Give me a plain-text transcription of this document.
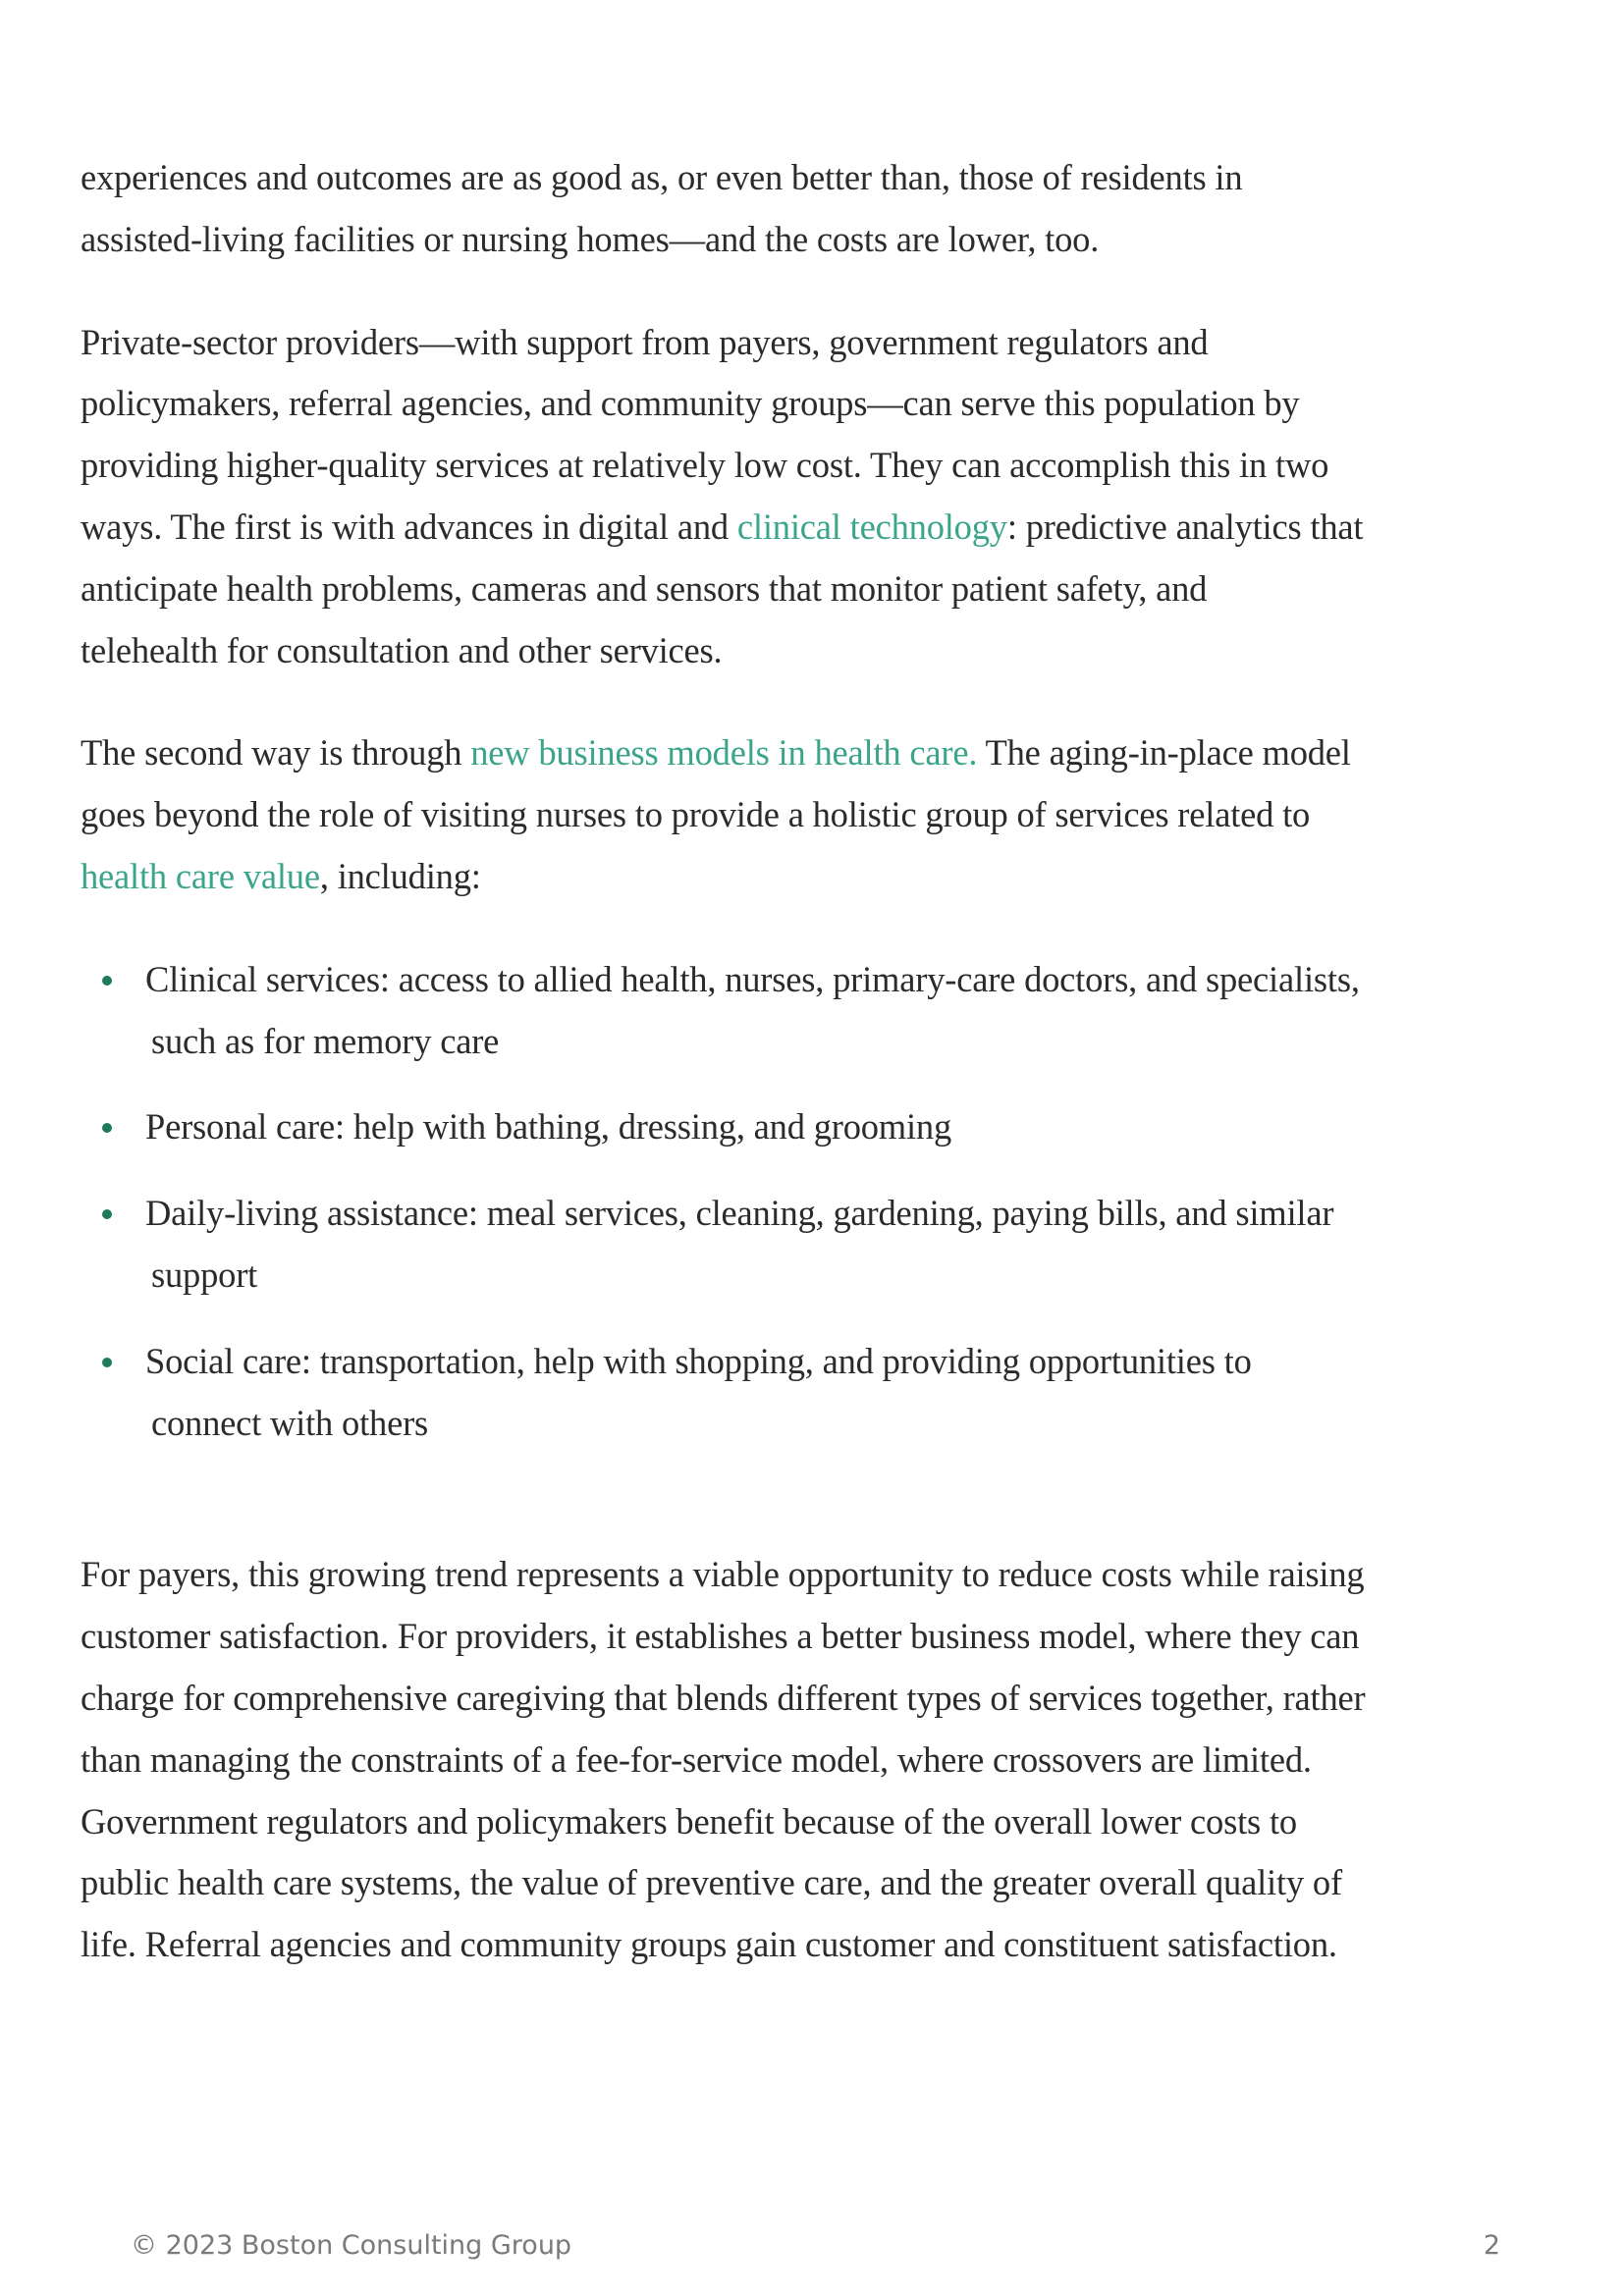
experiences and outcomes are as good as, or even better than, those of residents in
assisted-living facilities or nursing homes—and the costs are lower, too.

Private-sector providers—with support from payers, government regulators and
policymakers, referral agencies, and community groups—can serve this population by
providing higher-quality services at relatively low cost. They can accomplish this in two
ways. The first is with advances in digital and clinical technology: predictive analytics that
anticipate health problems, cameras and sensors that monitor patient safety, and
telehealth for consultation and other services.

The second way is through new business models in health care. The aging-in-place model
goes beyond the role of visiting nurses to provide a holistic group of services related to
health care value, including:

Clinical services: access to allied health, nurses, primary-care doctors, and specialists,
such as for memory care
Personal care: help with bathing, dressing, and grooming
Daily-living assistance: meal services, cleaning, gardening, paying bills, and similar
support
Social care: transportation, help with shopping, and providing opportunities to
connect with others

For payers, this growing trend represents a viable opportunity to reduce costs while raising
customer satisfaction. For providers, it establishes a better business model, where they can
charge for comprehensive caregiving that blends different types of services together, rather
than managing the constraints of a fee-for-service model, where crossovers are limited.
Government regulators and policymakers benefit because of the overall lower costs to
public health care systems, the value of preventive care, and the greater overall quality of
life. Referral agencies and community groups gain customer and constituent satisfaction.

© 2023 Boston Consulting Group	2
